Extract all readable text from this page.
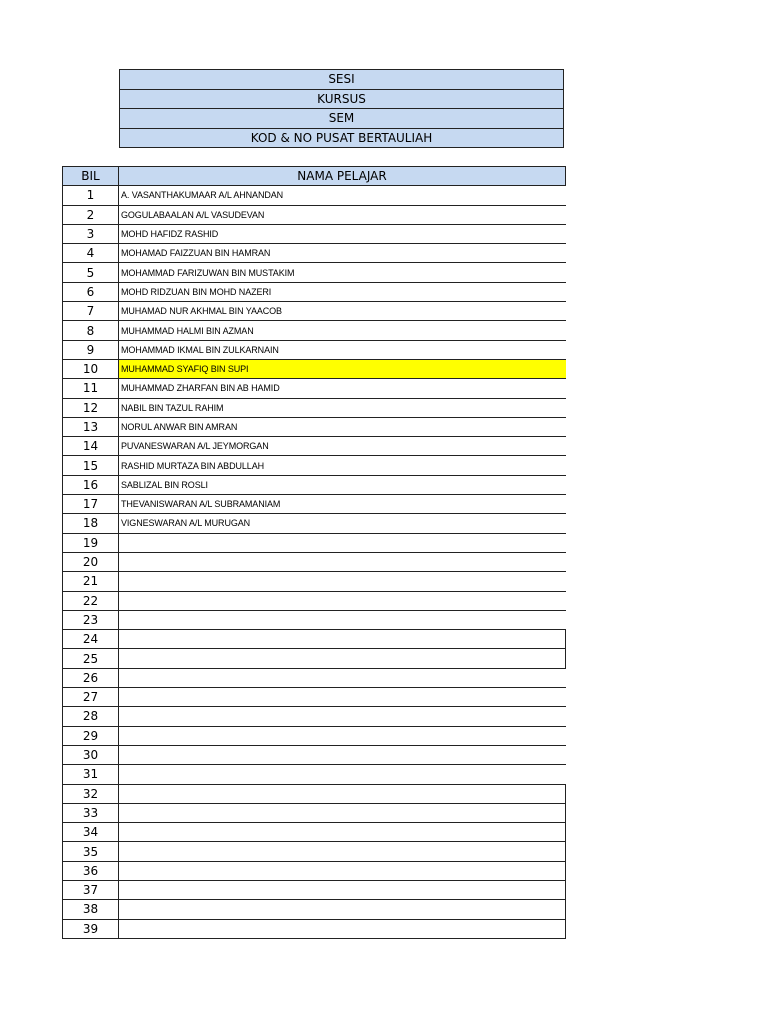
SESI
KURSUS
SEM
KOD & NO PUSAT BERTAULIAH
BIL	NAMA PELAJAR
1	A. VASANTHAKUMAAR A/L AHNANDAN
2	GOGULABAALAN A/L VASUDEVAN
3	MOHD HAFIDZ RASHID
4	MOHAMAD FAIZZUAN BIN HAMRAN
5	MOHAMMAD FARIZUWAN BIN MUSTAKIM
6	MOHD RIDZUAN BIN MOHD NAZERI
7	MUHAMAD NUR AKHMAL BIN YAACOB
8	MUHAMMAD HALMI BIN AZMAN
9	MOHAMMAD IKMAL BIN ZULKARNAIN
10	MUHAMMAD SYAFIQ BIN SUPI
11	MUHAMMAD ZHARFAN BIN AB HAMID
12	NABIL BIN TAZUL RAHIM
13	NORUL ANWAR BIN AMRAN
14	PUVANESWARAN A/L JEYMORGAN
15	RASHID MURTAZA BIN ABDULLAH
16	SABLIZAL BIN ROSLI
17	THEVANISWARAN A/L SUBRAMANIAM
18	VIGNESWARAN A/L MURUGAN
19	
20	
21	
22	
23	
24	
25	
26	
27	
28	
29	
30	
31	
32	
33	
34	
35	
36	
37	
38	
39	
